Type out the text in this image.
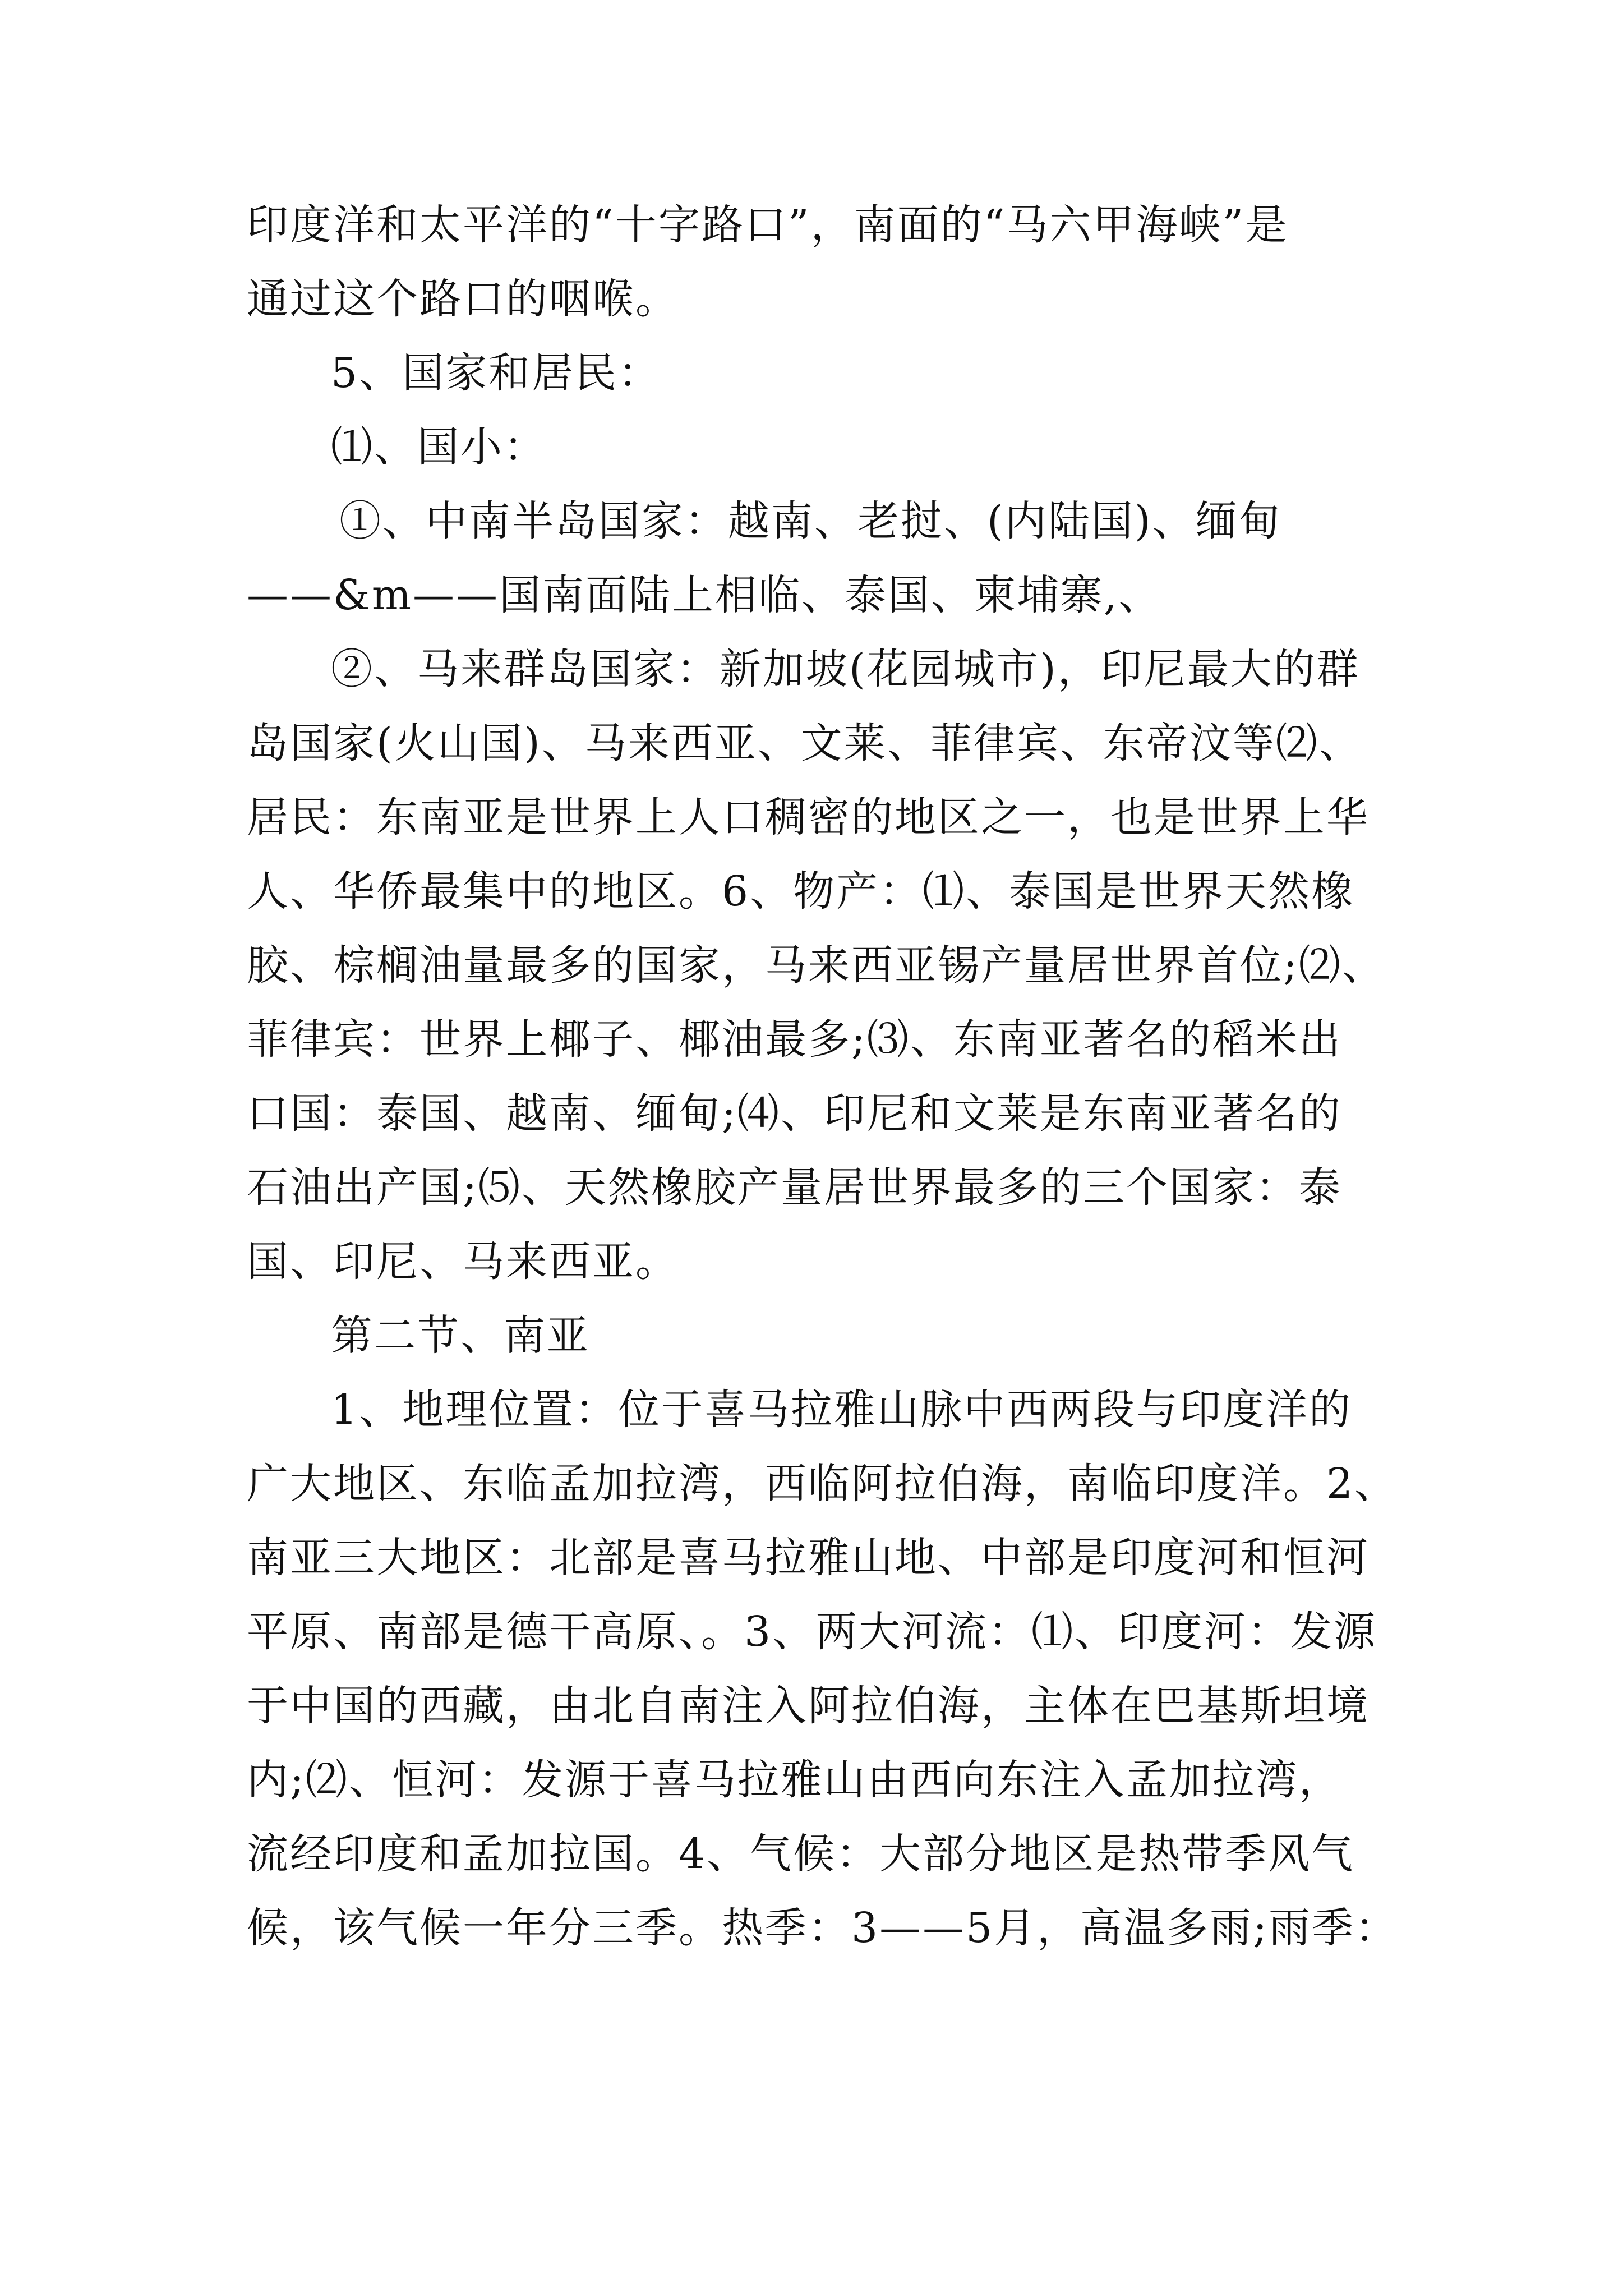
印度洋和太平洋的“十字路口”，南面的“马六甲海峡”是
通过这个路口的咽喉。
5、国家和居民：
⑴、国小：
①、中南半岛国家：越南、老挝、(内陆国)、缅甸
——&m——国南面陆上相临、泰国、柬埔寨,、
②、马来群岛国家：新加坡(花园城市)，印尼最大的群
岛国家(火山国)、马来西亚、文莱、菲律宾、东帝汶等⑵、
居民：东南亚是世界上人口稠密的地区之一，也是世界上华
人、华侨最集中的地区。6、物产：⑴、泰国是世界天然橡
胶、棕榈油量最多的国家，马来西亚锡产量居世界首位;⑵、
菲律宾：世界上椰子、椰油最多;⑶、东南亚著名的稻米出
口国：泰国、越南、缅甸;⑷、印尼和文莱是东南亚著名的
石油出产国;⑸、天然橡胶产量居世界最多的三个国家：泰
国、印尼、马来西亚。
第二节、南亚
1、地理位置：位于喜马拉雅山脉中西两段与印度洋的
广大地区、东临孟加拉湾，西临阿拉伯海，南临印度洋。2、
南亚三大地区：北部是喜马拉雅山地、中部是印度河和恒河
平原、南部是德干高原、。3、两大河流：⑴、印度河：发源
于中国的西藏，由北自南注入阿拉伯海，主体在巴基斯坦境
内;⑵、恒河：发源于喜马拉雅山由西向东注入孟加拉湾，
流经印度和孟加拉国。4、气候：大部分地区是热带季风气
候，该气候一年分三季。热季：3——5月，高温多雨;雨季：
